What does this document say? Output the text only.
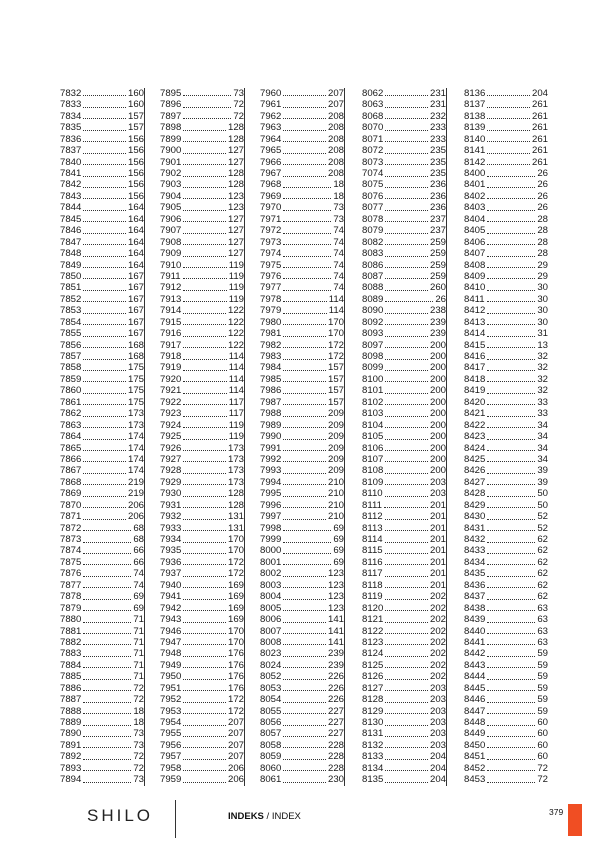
7832	160
7833	160
7834	157
7835	157
7836	156
7837	156
7840	156
7841	156
7842	156
7843	156
7844	164
7845	164
7846	164
7847	164
7848	164
7849	164
7850	167
7851	167
7852	167
7853	167
7854	167
7855	167
7856	168
7857	168
7858	175
7859	175
7860	175
7861	175
7862	173
7863	173
7864	174
7865	174
7866	174
7867	174
7868	219
7869	219
7870	206
7871	206
7872	68
7873	68
7874	66
7875	66
7876	74
7877	74
7878	69
7879	69
7880	71
7881	71
7882	71
7883	71
7884	71
7885	71
7886	72
7887	72
7888	18
7889	18
7890	73
7891	73
7892	72
7893	72
7894	73
7895	73
7896	72
7897	72
7898	128
7899	128
7900	127
7901	127
7902	128
7903	128
7904	123
7905	123
7906	127
7907	127
7908	127
7909	127
7910	119
7911	119
7912	119
7913	119
7914	122
7915	122
7916	122
7917	122
7918	114
7919	114
7920	114
7921	114
7922	117
7923	117
7924	119
7925	119
7926	173
7927	173
7928	173
7929	173
7930	128
7931	128
7932	131
7933	131
7934	170
7935	170
7936	172
7937	172
7940	169
7941	169
7942	169
7943	169
7946	170
7947	170
7948	176
7949	176
7950	176
7951	176
7952	172
7953	172
7954	207
7955	207
7956	207
7957	207
7958	206
7959	206
7960	207
7961	207
7962	208
7963	208
7964	208
7965	208
7966	208
7967	208
7968	18
7969	18
7970	73
7971	73
7972	74
7973	74
7974	74
7975	74
7976	74
7977	74
7978	114
7979	114
7980	170
7981	170
7982	172
7983	172
7984	157
7985	157
7986	157
7987	157
7988	209
7989	209
7990	209
7991	209
7992	209
7993	209
7994	210
7995	210
7996	210
7997	210
7998	69
7999	69
8000	69
8001	69
8002	123
8003	123
8004	123
8005	123
8006	141
8007	141
8008	141
8023	239
8024	239
8052	226
8053	226
8054	226
8055	227
8056	227
8057	227
8058	228
8059	228
8060	228
8061	230
8062	231
8063	231
8068	232
8070	233
8071	233
8072	235
8073	235
7074	235
8075	236
8076	236
8077	236
8078	237
8079	237
8082	259
8083	259
8086	259
8087	259
8088	260
8089	26
8090	238
8092	239
8093	239
8097	200
8098	200
8099	200
8100	200
8101	200
8102	200
8103	200
8104	200
8105	200
8106	200
8107	200
8108	200
8109	203
8110	203
8111	201
8112	201
8113	201
8114	201
8115	201
8116	201
8117	201
8118	201
8119	202
8120	202
8121	202
8122	202
8123	202
8124	202
8125	202
8126	202
8127	203
8128	203
8129	203
8130	203
8131	203
8132	203
8133	204
8134	204
8135	204
8136	204
8137	261
8138	261
8139	261
8140	261
8141	261
8142	261
8400	26
8401	26
8402	26
8403	26
8404	28
8405	28
8406	28
8407	28
8408	29
8409	29
8410	30
8411	30
8412	30
8413	30
8414	31
8415	13
8416	32
8417	32
8418	32
8419	32
8420	33
8421	33
8422	34
8423	34
8424	34
8425	34
8426	39
8427	39
8428	50
8429	50
8430	52
8431	52
8432	62
8433	62
8434	62
8435	62
8436	62
8437	62
8438	63
8439	63
8440	63
8441	63
8442	59
8443	59
8444	59
8445	59
8446	59
8447	59
8448	60
8449	60
8450	60
8451	60
8452	72
8453	72
SHILO	INDEKS / INDEX	379
